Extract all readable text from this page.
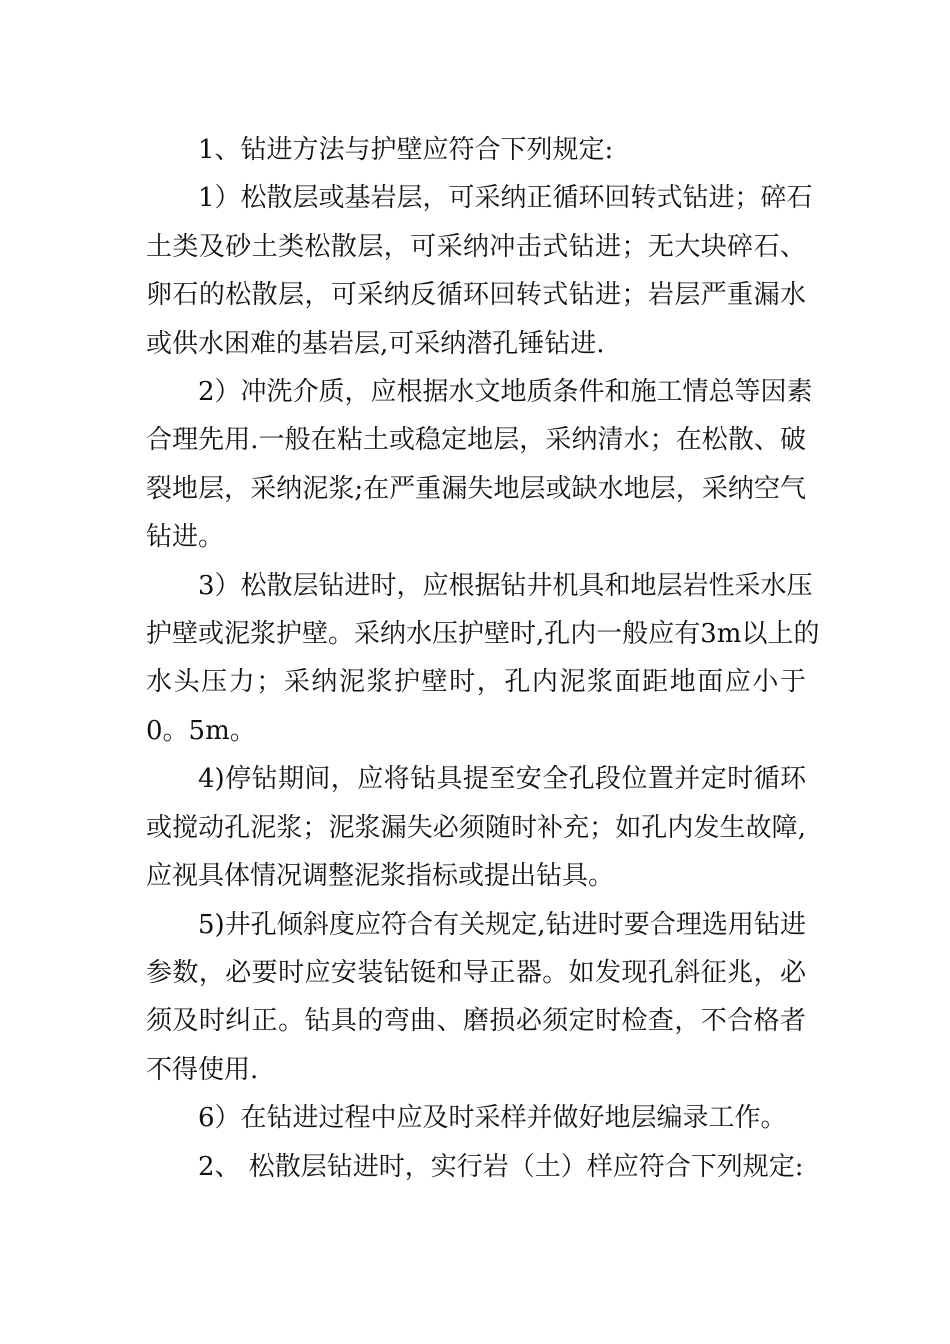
1、钻进方法与护壁应符合下列规定:

1）松散层或基岩层，可采纳正循环回转式钻进；碎石
土类及砂土类松散层，可采纳冲击式钻进；无大块碎石、
卵石的松散层，可采纳反循环回转式钻进；岩层严重漏水
或供水困难的基岩层,可采纳潜孔锤钻进.

2）冲洗介质，应根据水文地质条件和施工情总等因素
合理先用.一般在粘土或稳定地层，采纳清水；在松散、破
裂地层，采纳泥浆;在严重漏失地层或缺水地层，采纳空气
钻进。

3）松散层钻进时，应根据钻井机具和地层岩性采水压
护壁或泥浆护壁。采纳水压护壁时,孔内一般应有3m以上的
水头压力；采纳泥浆护壁时，孔内泥浆面距地面应小于
0。5m。

4)停钻期间，应将钻具提至安全孔段位置并定时循环
或搅动孔泥浆；泥浆漏失必须随时补充；如孔内发生故障,
应视具体情况调整泥浆指标或提出钻具。

5)井孔倾斜度应符合有关规定,钻进时要合理选用钻进
参数，必要时应安装钻铤和导正器。如发现孔斜征兆，必
须及时纠正。钻具的弯曲、磨损必须定时检查，不合格者
不得使用.

6）在钻进过程中应及时采样并做好地层编录工作。

2、 松散层钻进时，实行岩（土）样应符合下列规定:
